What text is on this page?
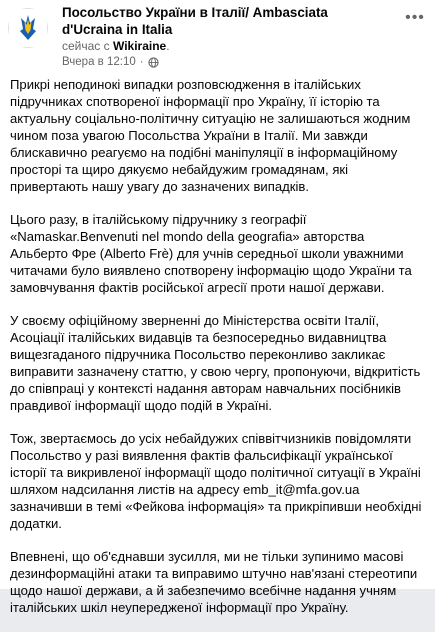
Посольство України в Італії/ Ambasciata d'Ucraina in Italia
сейчас с Wikiraine.
Вчера в 12:10 ·
•••

Прикрі неподинокі випадки розповсюдження в італійських підручниках спотвореної інформації про Україну, її історію та актуальну соціально-політичну ситуацію не залишаються жодним чином поза увагою Посольства України в Італії. Ми завжди блискавично реагуємо на подібні маніпуляції в інформаційному просторі та щиро дякуємо небайдужим громадянам, які привертають нашу увагу до зазначених випадків.

Цього разу, в італійському підручнику з географії «Namaskar.Benvenuti nel mondo della geografia» авторства Альберто Фре (Alberto Frè) для учнів середньої школи уважними читачами було виявлено спотворену інформацію щодо України та замовчування фактів російської агресії проти нашої держави.

У своєму офіційному зверненні до Міністерства освіти Італії, Асоціації італійських видавців та безпосередньо видавництва вищезгаданого підручника Посольство переконливо закликає виправити зазначену статтю, у свою чергу, пропонуючи, відкритість до співпраці у контексті надання авторам навчальних посібників правдивої інформації щодо подій в Україні.

Тож, звертаємось до усіх небайдужих співвітчизників повідомляти Посольство у разі виявлення фактів фальсифікації української історії та викривленої інформації щодо політичної ситуації в Україні шляхом надсилання листів на адресу emb_it@mfa.gov.ua зазначивши в темі «Фейкова інформація» та прикріпивши необхідні додатки.

Впевнені, що об'єднавши зусилля, ми не тільки зупинимо масові дезинформаційні атаки та виправимо штучно нав'язані стереотипи щодо нашої держави, а й забезпечимо всебічне надання учням італійських шкіл неупередженої інформації про Україну.
